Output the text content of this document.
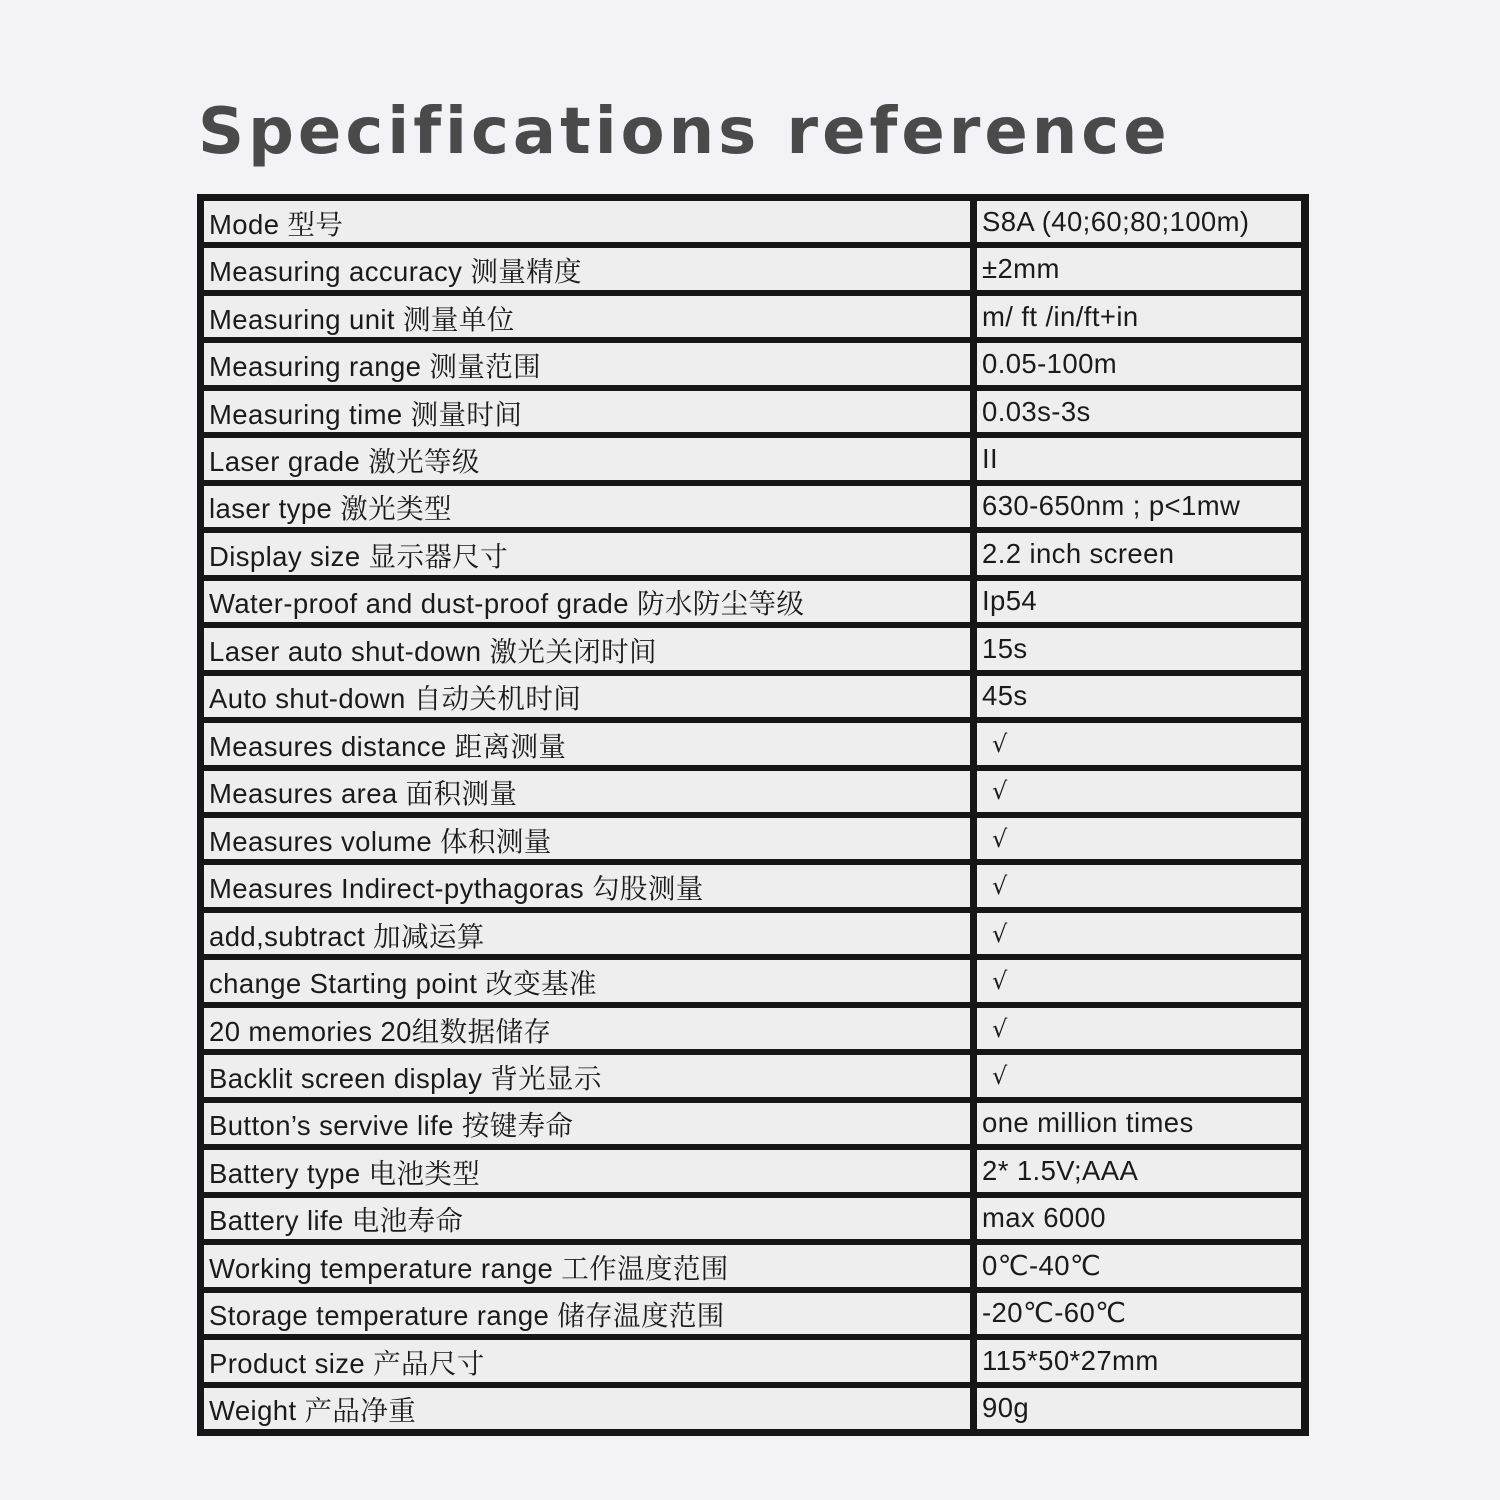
Specifications reference
Mode 型号	S8A (40;60;80;100m)
Measuring accuracy 测量精度	±2mm
Measuring unit 测量单位	m/ ft /in/ft+in
Measuring range 测量范围	0.05-100m
Measuring time 测量时间	0.03s-3s
Laser grade 激光等级	II
laser type 激光类型	630-650nm ; p<1mw
Display size 显示器尺寸	2.2 inch screen
Water-proof and dust-proof grade 防水防尘等级	Ip54
Laser auto shut-down 激光关闭时间	15s
Auto shut-down 自动关机时间	45s
Measures distance 距离测量	√
Measures area 面积测量	√
Measures volume 体积测量	√
Measures Indirect-pythagoras 勾股测量	√
add,subtract 加减运算	√
change Starting point 改变基准	√
20 memories 20组数据储存	√
Backlit screen display 背光显示	√
Button’s servive life 按键寿命	one million times
Battery type 电池类型	2* 1.5V;AAA
Battery life 电池寿命	max 6000
Working temperature range 工作温度范围	0℃-40℃
Storage temperature range 储存温度范围	-20℃-60℃
Product size 产品尺寸	115*50*27mm
Weight 产品净重	90g
